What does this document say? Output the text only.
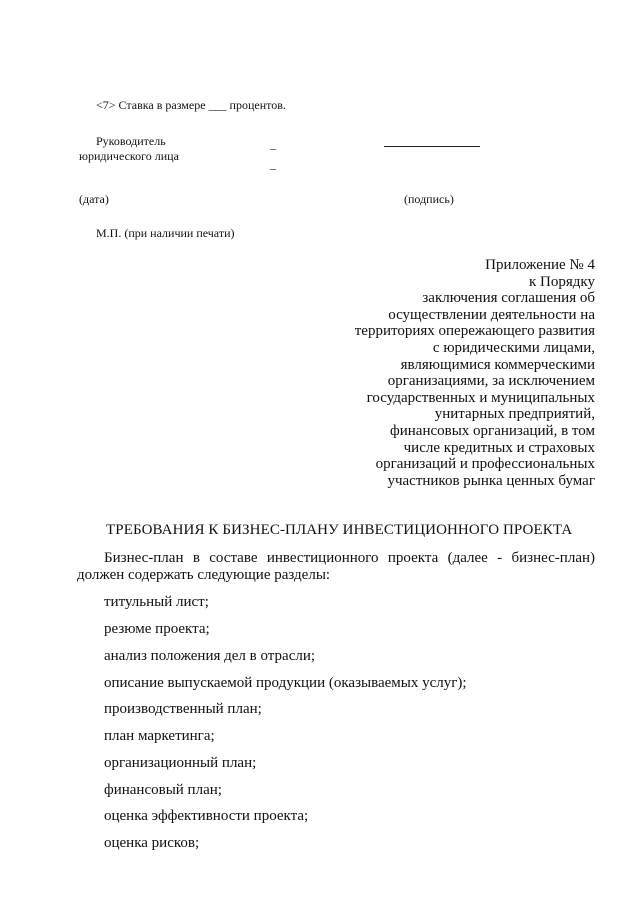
<7> Ставка в размере ___ процентов.
Руководитель
юридического лица
_
_
(дата)	(подпись)
М.П. (при наличии печати)
Приложение № 4
к Порядку
заключения соглашения об
осуществлении деятельности на
территориях опережающего развития
с юридическими лицами,
являющимися коммерческими
организациями, за исключением
государственных и муниципальных
унитарных предприятий,
финансовых организаций, в том
числе кредитных и страховых
организаций и профессиональных
участников рынка ценных бумаг
ТРЕБОВАНИЯ К БИЗНЕС-ПЛАНУ ИНВЕСТИЦИОННОГО ПРОЕКТА
Бизнес-план в составе инвестиционного проекта (далее - бизнес-план)
должен содержать следующие разделы:
титульный лист;
резюме проекта;
анализ положения дел в отрасли;
описание выпускаемой продукции (оказываемых услуг);
производственный план;
план маркетинга;
организационный план;
финансовый план;
оценка эффективности проекта;
оценка рисков;
